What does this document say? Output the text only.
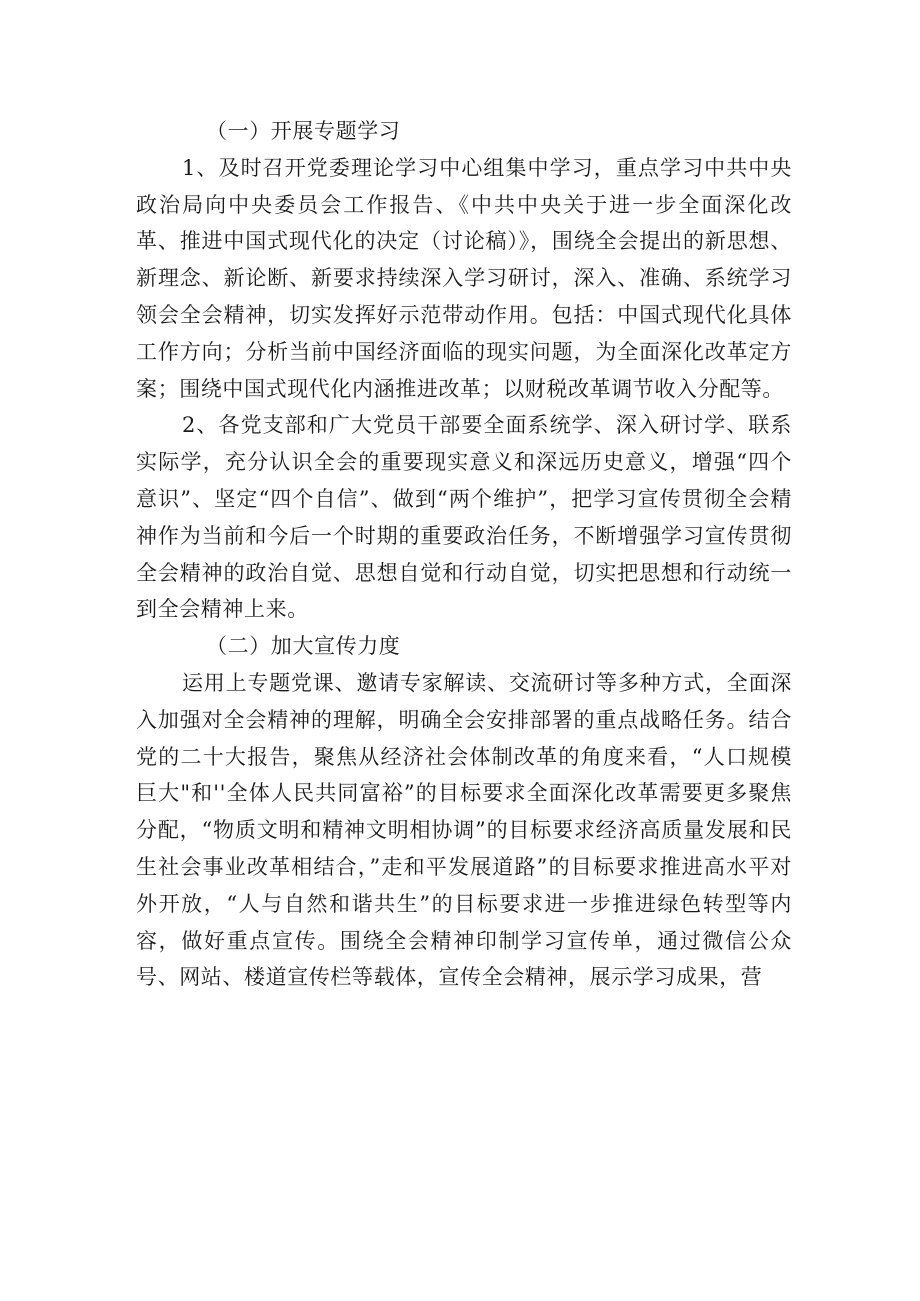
（一）开展专题学习

1、及时召开党委理论学习中心组集中学习，重点学习中共中央政治局向中央委员会工作报告、《中共中央关于进一步全面深化改革、推进中国式现代化的决定（讨论稿）》，围绕全会提出的新思想、新理念、新论断、新要求持续深入学习研讨，深入、准确、系统学习领会全会精神，切实发挥好示范带动作用。包括：中国式现代化具体工作方向；分析当前中国经济面临的现实问题，为全面深化改革定方案；围绕中国式现代化内涵推进改革；以财税改革调节收入分配等。

2、各党支部和广大党员干部要全面系统学、深入研讨学、联系实际学，充分认识全会的重要现实意义和深远历史意义，增强“四个意识”、坚定“四个自信”、做到“两个维护”，把学习宣传贯彻全会精神作为当前和今后一个时期的重要政治任务，不断增强学习宣传贯彻全会精神的政治自觉、思想自觉和行动自觉，切实把思想和行动统一到全会精神上来。

（二）加大宣传力度

运用上专题党课、邀请专家解读、交流研讨等多种方式，全面深入加强对全会精神的理解，明确全会安排部署的重点战略任务。结合党的二十大报告，聚焦从经济社会体制改革的角度来看，“人口规模巨大"和''全体人民共同富裕”的目标要求全面深化改革需要更多聚焦分配，“物质文明和精神文明相协调”的目标要求经济高质量发展和民生社会事业改革相结合，”走和平发展道路”的目标要求推进高水平对外开放，“人与自然和谐共生”的目标要求进一步推进绿色转型等内容，做好重点宣传。围绕全会精神印制学习宣传单，通过微信公众号、网站、楼道宣传栏等载体，宣传全会精神，展示学习成果，营
